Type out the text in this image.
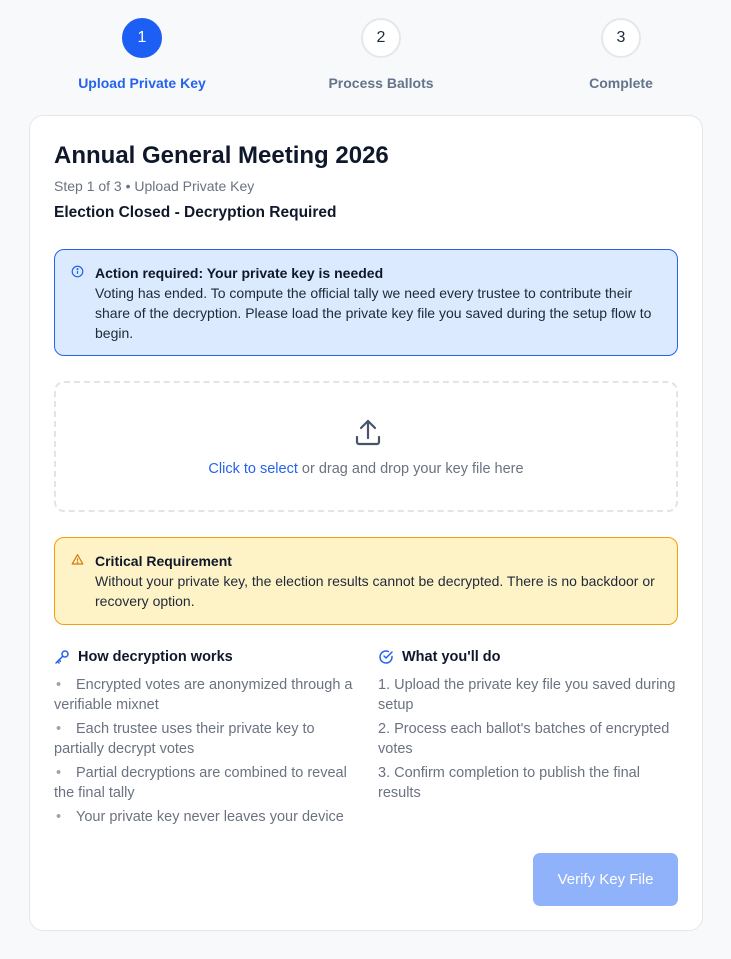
1
Upload Private Key
2
Process Ballots
3
Complete
Annual General Meeting 2026
Step 1 of 3 • Upload Private Key
Election Closed - Decryption Required
Action required: Your private key is needed
Voting has ended. To compute the official tally we need every trustee to contribute their share of the decryption. Please load the private key file you saved during the setup flow to begin.
Click to select or drag and drop your key file here
Critical Requirement
Without your private key, the election results cannot be decrypted. There is no backdoor or recovery option.
How decryption works
• Encrypted votes are anonymized through a verifiable mixnet
• Each trustee uses their private key to partially decrypt votes
• Partial decryptions are combined to reveal the final tally
• Your private key never leaves your device
What you'll do
1. Upload the private key file you saved during setup
2. Process each ballot's batches of encrypted votes
3. Confirm completion to publish the final results
Verify Key File
